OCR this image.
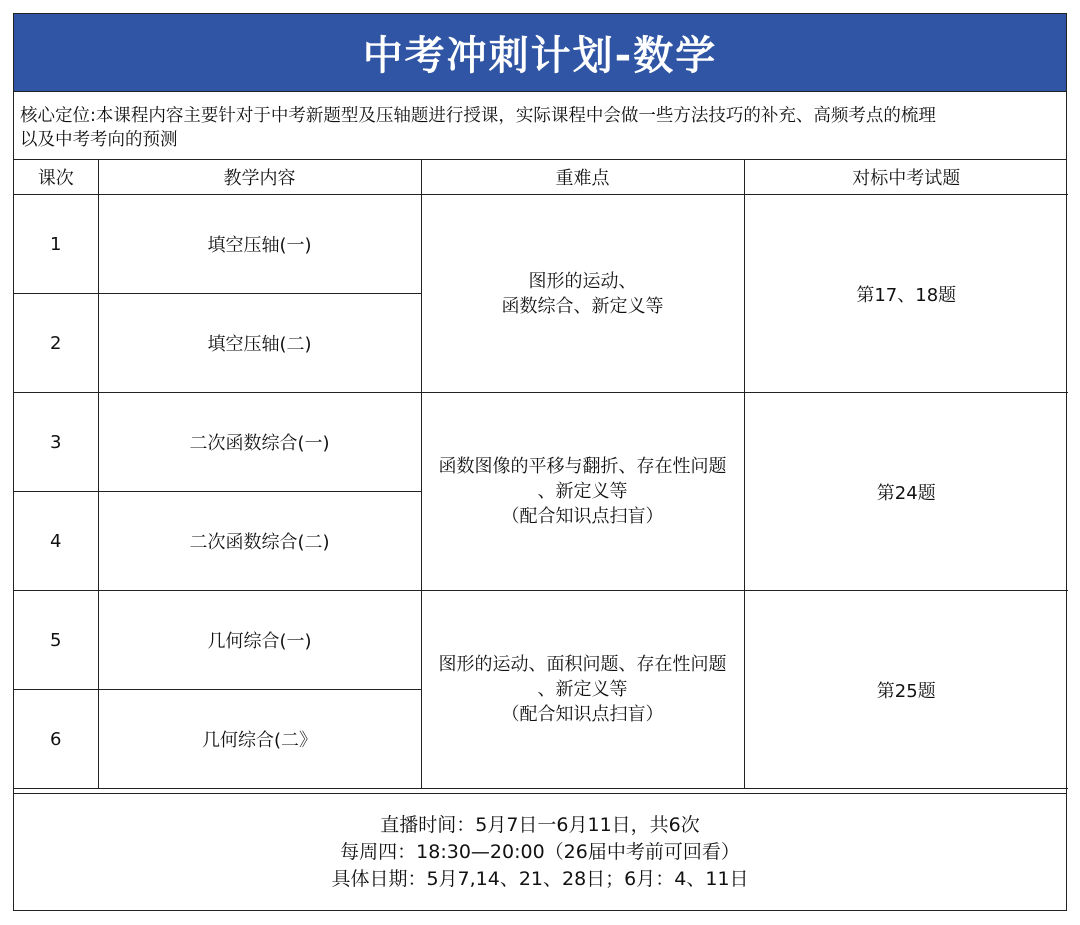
中考冲刺计划-数学
核心定位:本课程内容主要针对于中考新题型及压轴题进行授课，实际课程中会做一些方法技巧的补充、高频考点的梳理
以及中考考向的预测
课次	教学内容	重难点	对标中考试题
1	填空压轴(一)	图形的运动、
函数综合、新定义等	第17、18题
2	填空压轴(二)		
3	二次函数综合(一)	函数图像的平移与翻折、存在性问题
、新定义等
（配合知识点扫盲）	第24题
4	二次函数综合(二)		
5	几何综合(一)	图形的运动、面积问题、存在性问题
、新定义等
（配合知识点扫盲）	第25题
6	几何综合(二》		
直播时间：5月7日一6月11日，共6次
每周四：18:30—20:00（26届中考前可回看）
具体日期：5月7,14、21、28日；6月：4、11日
